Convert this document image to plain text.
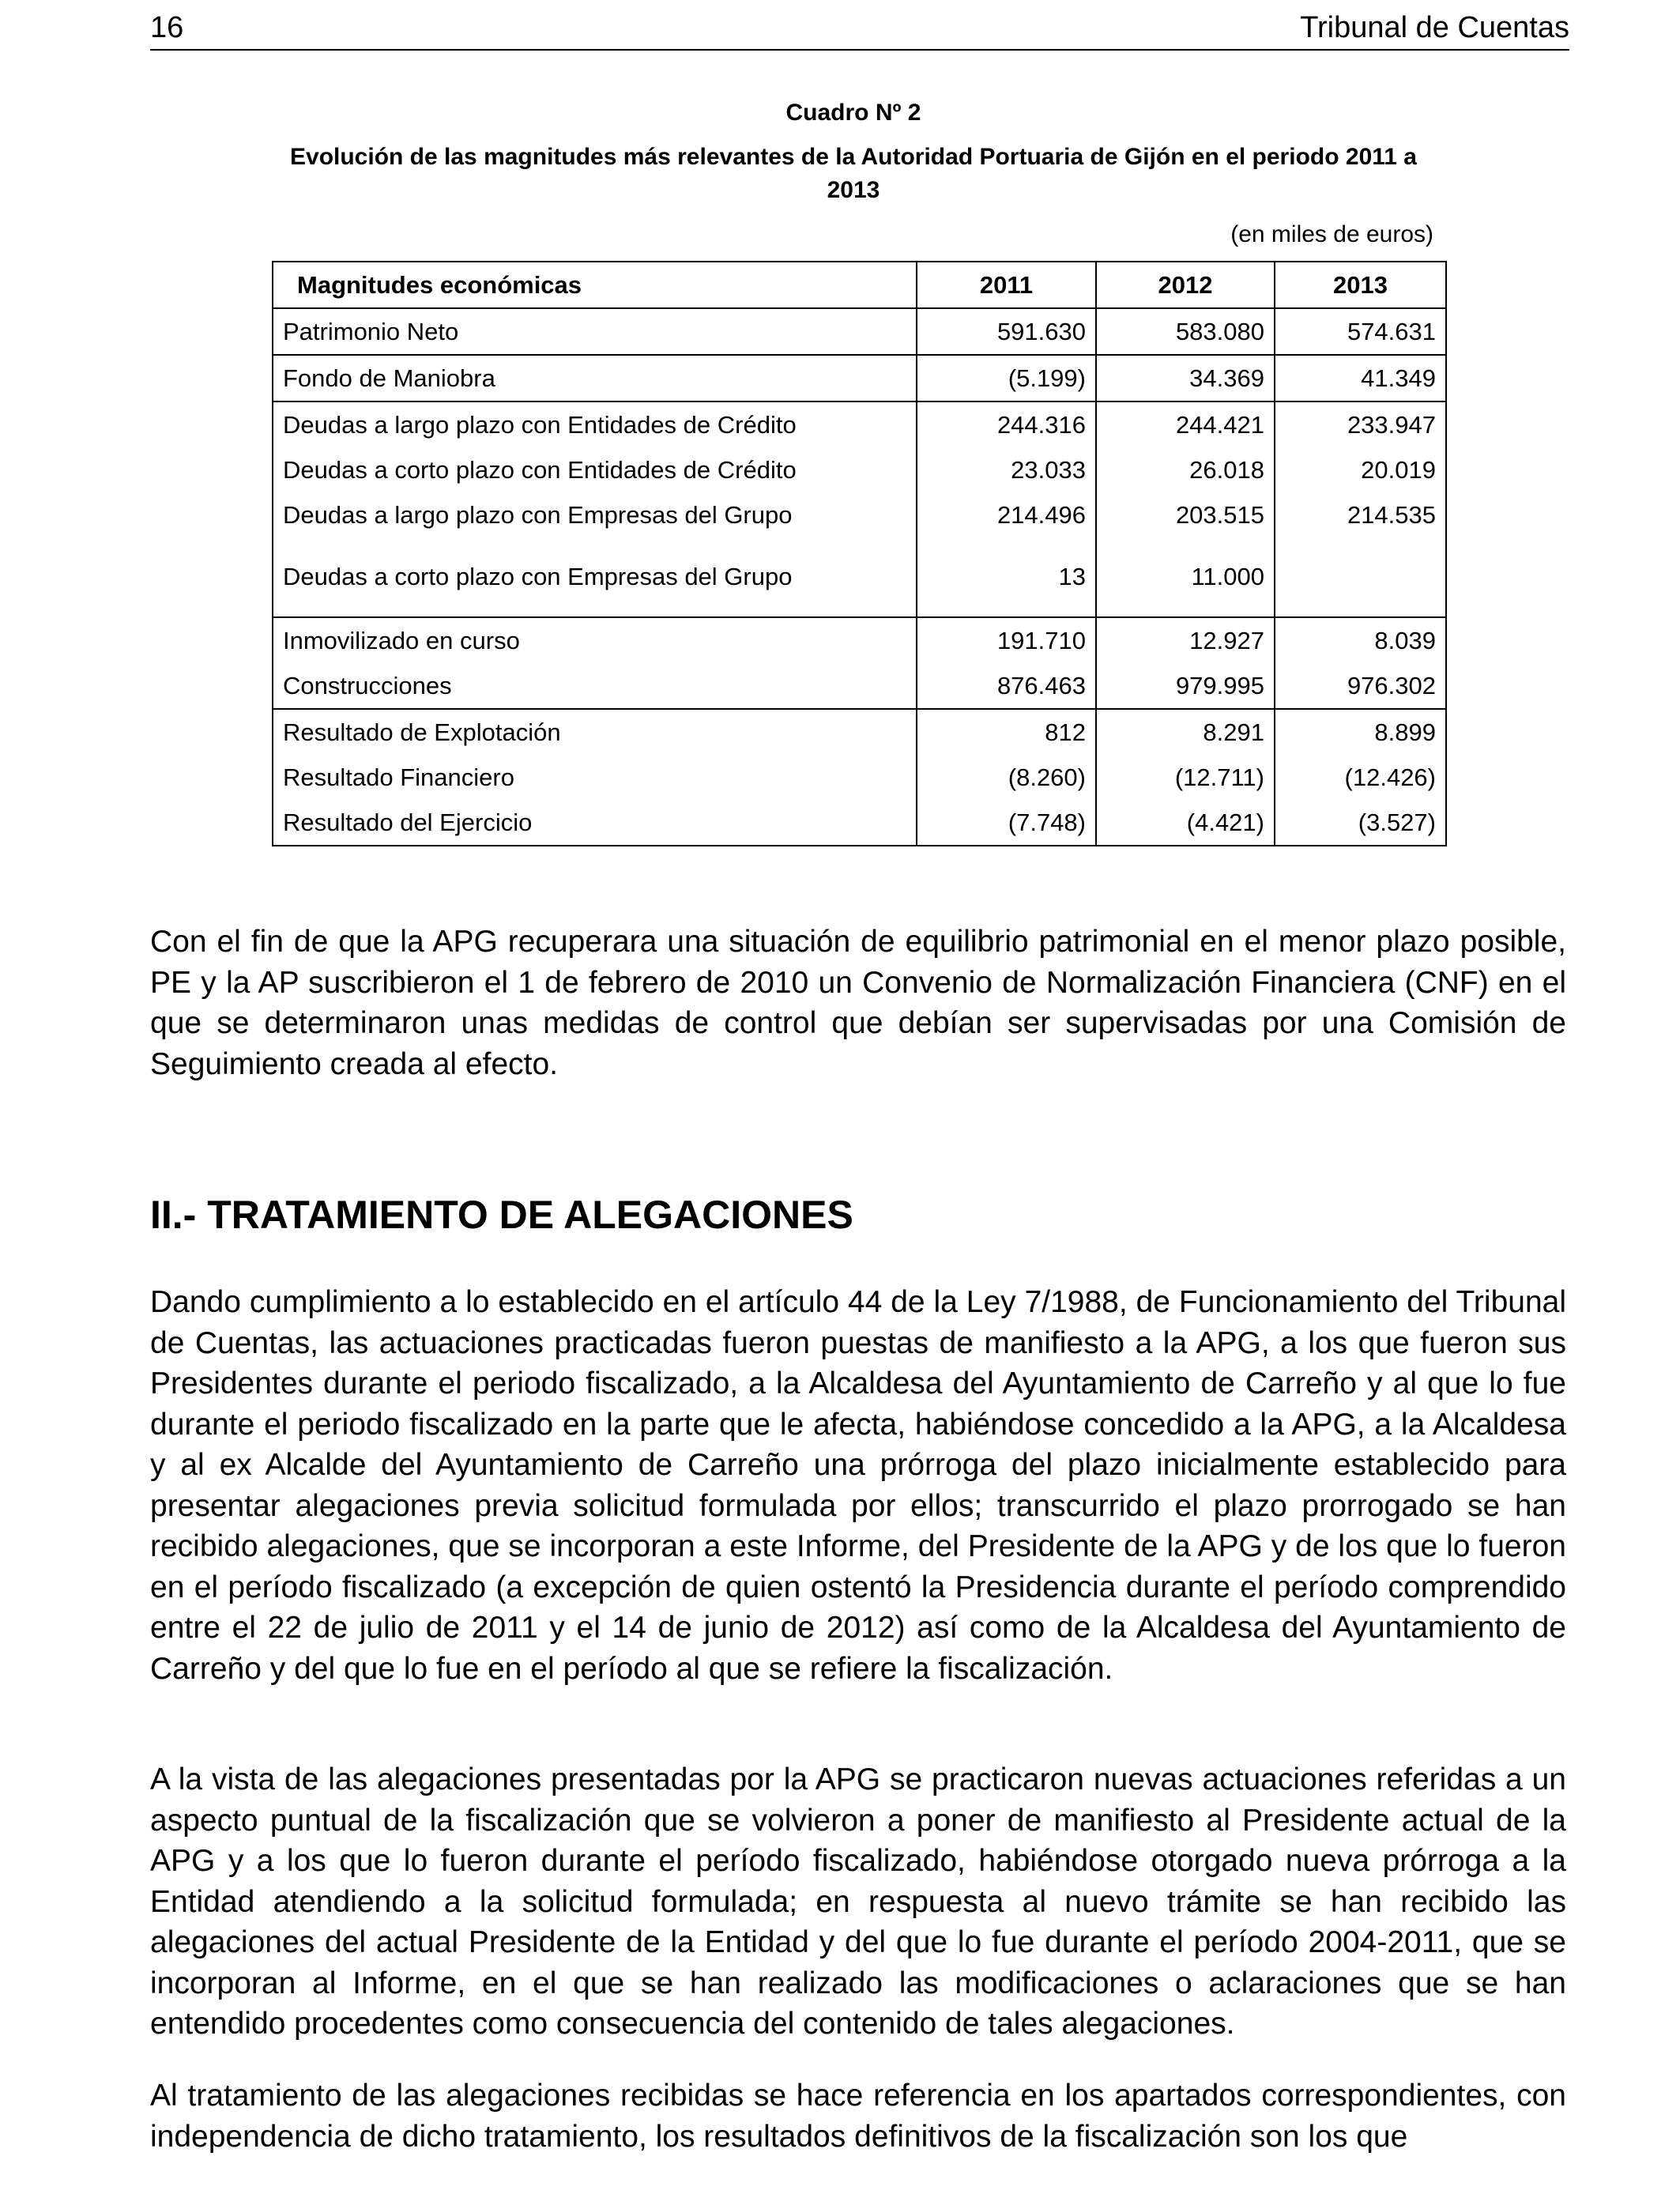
16	Tribunal de Cuentas
Cuadro Nº 2
Evolución de las magnitudes más relevantes de la Autoridad Portuaria de Gijón en el periodo 2011 a 2013
(en miles de euros)
Magnitudes económicas	2011	2012	2013
Patrimonio Neto	591.630	583.080	574.631
Fondo de Maniobra	(5.199)	34.369	41.349
Deudas a largo plazo con Entidades de Crédito	244.316	244.421	233.947
Deudas a corto plazo con Entidades de Crédito	23.033	26.018	20.019
Deudas a largo plazo con Empresas del Grupo	214.496	203.515	214.535
Deudas a corto plazo con Empresas del Grupo	13	11.000	
Inmovilizado en curso	191.710	12.927	8.039
Construcciones	876.463	979.995	976.302
Resultado de Explotación	812	8.291	8.899
Resultado Financiero	(8.260)	(12.711)	(12.426)
Resultado del Ejercicio	(7.748)	(4.421)	(3.527)

Con el fin de que la APG recuperara una situación de equilibrio patrimonial en el menor plazo posible, PE y la AP suscribieron el 1 de febrero de 2010 un Convenio de Normalización Financiera (CNF) en el que se determinaron unas medidas de control que debían ser supervisadas por una Comisión de Seguimiento creada al efecto.

II.- TRATAMIENTO DE ALEGACIONES

Dando cumplimiento a lo establecido en el artículo 44 de la Ley 7/1988, de Funcionamiento del Tribunal de Cuentas, las actuaciones practicadas fueron puestas de manifiesto a la APG, a los que fueron sus Presidentes durante el periodo fiscalizado, a la Alcaldesa del Ayuntamiento de Carreño y al que lo fue durante el periodo fiscalizado en la parte que le afecta, habiéndose concedido a la APG, a la Alcaldesa y al ex Alcalde del Ayuntamiento de Carreño una prórroga del plazo inicialmente establecido para presentar alegaciones previa solicitud formulada por ellos; transcurrido el plazo prorrogado se han recibido alegaciones, que se incorporan a este Informe, del Presidente de la APG y de los que lo fueron en el período fiscalizado (a excepción de quien ostentó la Presidencia durante el período comprendido entre el 22 de julio de 2011 y el 14 de junio de 2012) así como de la Alcaldesa del Ayuntamiento de Carreño y del que lo fue en el período al que se refiere la fiscalización.

A la vista de las alegaciones presentadas por la APG se practicaron nuevas actuaciones referidas a un aspecto puntual de la fiscalización que se volvieron a poner de manifiesto al Presidente actual de la APG y a los que lo fueron durante el período fiscalizado, habiéndose otorgado nueva prórroga a la Entidad atendiendo a la solicitud formulada; en respuesta al nuevo trámite se han recibido las alegaciones del actual Presidente de la Entidad y del que lo fue durante el período 2004-2011, que se incorporan al Informe, en el que se han realizado las modificaciones o aclaraciones que se han entendido procedentes como consecuencia del contenido de tales alegaciones.

Al tratamiento de las alegaciones recibidas se hace referencia en los apartados correspondientes, con independencia de dicho tratamiento, los resultados definitivos de la fiscalización son los que
